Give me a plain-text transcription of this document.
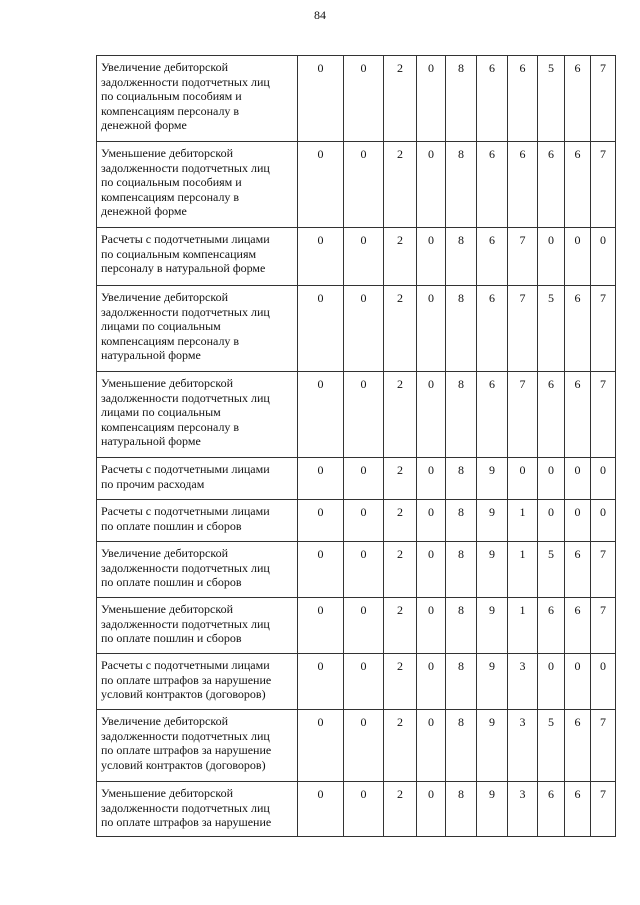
84
Увеличение дебиторской
задолженности подотчетных лиц
по социальным пособиям и
компенсациям персоналу в
денежной форме	0	0	2	0	8	6	6	5	6	7

Уменьшение дебиторской
задолженности подотчетных лиц
по социальным пособиям и
компенсациям персоналу в
денежной форме	0	0	2	0	8	6	6	6	6	7

Расчеты с подотчетными лицами
по социальным компенсациям
персоналу в натуральной форме	0	0	2	0	8	6	7	0	0	0

Увеличение дебиторской
задолженности подотчетных лиц
лицами по социальным
компенсациям персоналу в
натуральной форме	0	0	2	0	8	6	7	5	6	7

Уменьшение дебиторской
задолженности подотчетных лиц
лицами по социальным
компенсациям персоналу в
натуральной форме	0	0	2	0	8	6	7	6	6	7

Расчеты с подотчетными лицами
по прочим расходам	0	0	2	0	8	9	0	0	0	0

Расчеты с подотчетными лицами
по оплате пошлин и сборов	0	0	2	0	8	9	1	0	0	0

Увеличение дебиторской
задолженности подотчетных лиц
по оплате пошлин и сборов	0	0	2	0	8	9	1	5	6	7

Уменьшение дебиторской
задолженности подотчетных лиц
по оплате пошлин и сборов	0	0	2	0	8	9	1	6	6	7

Расчеты с подотчетными лицами
по оплате штрафов за нарушение
условий контрактов (договоров)	0	0	2	0	8	9	3	0	0	0

Увеличение дебиторской
задолженности подотчетных лиц
по оплате штрафов за нарушение
условий контрактов (договоров)	0	0	2	0	8	9	3	5	6	7

Уменьшение дебиторской
задолженности подотчетных лиц
по оплате штрафов за нарушение	0	0	2	0	8	9	3	6	6	7
